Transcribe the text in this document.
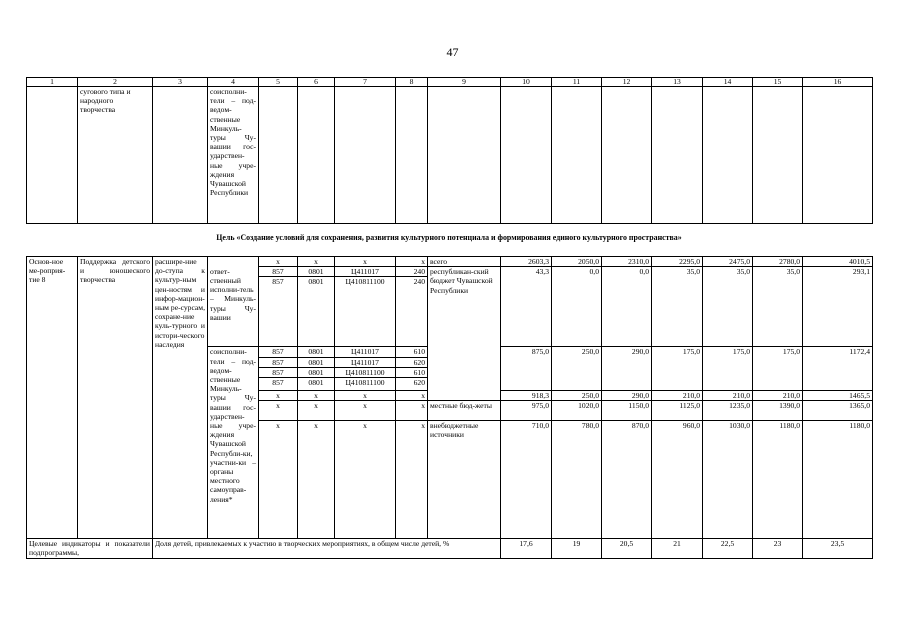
47
1	2	3	4	5	6	7	8	9	10	11	12	13	14	15	16
	сугового типа и народного творчества		соисполни-тели – под-ведом-ственные Минкуль-туры Чу-вашии гос-ударствен-ные учре-ждения Чувашской Республики												
Цель «Создание условий для сохранения, развития культурного потенциала и формирования единого культурного пространства»
Основ-ное ме-роприя-тие 8	Поддержка детского и юношеского творчества	расшире-ние до-ступа к культур-ным цен-ностям и инфор-мацион-ным ре-сурсам, сохране-ние куль-турного и истори-ческого наследия		х	х	х	х	всего	2603,3	2050,0	2310,0	2295,0	2475,0	2780,0	4010,5
			ответ-ственный исполни-тель – Минкуль-туры Чу-вашии	857	0801	Ц411017	240	республикан-ский бюджет Чувашской Республики	43,3	0,0	0,0	35,0	35,0	35,0	293,1
				857	0801	Ц410811100	240								
			соисполни-тели – под-ведом-ственные Минкуль-туры Чу-вашии гос-ударствен-ные учре-ждения Чувашской Республи-ки, участни-ки – органы местного самоуправ-ления*	857	0801	Ц411017	610		875,0	250,0	290,0	175,0	175,0	175,0	1172,4
				857	0801	Ц411017	620								
				857	0801	Ц410811100	610								
				857	0801	Ц410811100	620								
				х	х	х	х		918,3	250,0	290,0	210,0	210,0	210,0	1465,5
				х	х	х	х	местные бюд-жеты	975,0	1020,0	1150,0	1125,0	1235,0	1390,0	1365,0
				х	х	х	х	внебюджетные источники	710,0	780,0	870,0	960,0	1030,0	1180,0	1180,0
Целевые индикаторы и показатели подпрограммы,		Доля детей, привлекаемых к участию в творческих мероприятиях, в общем числе детей, %							17,6	19	20,5	21	22,5	23	23,5
